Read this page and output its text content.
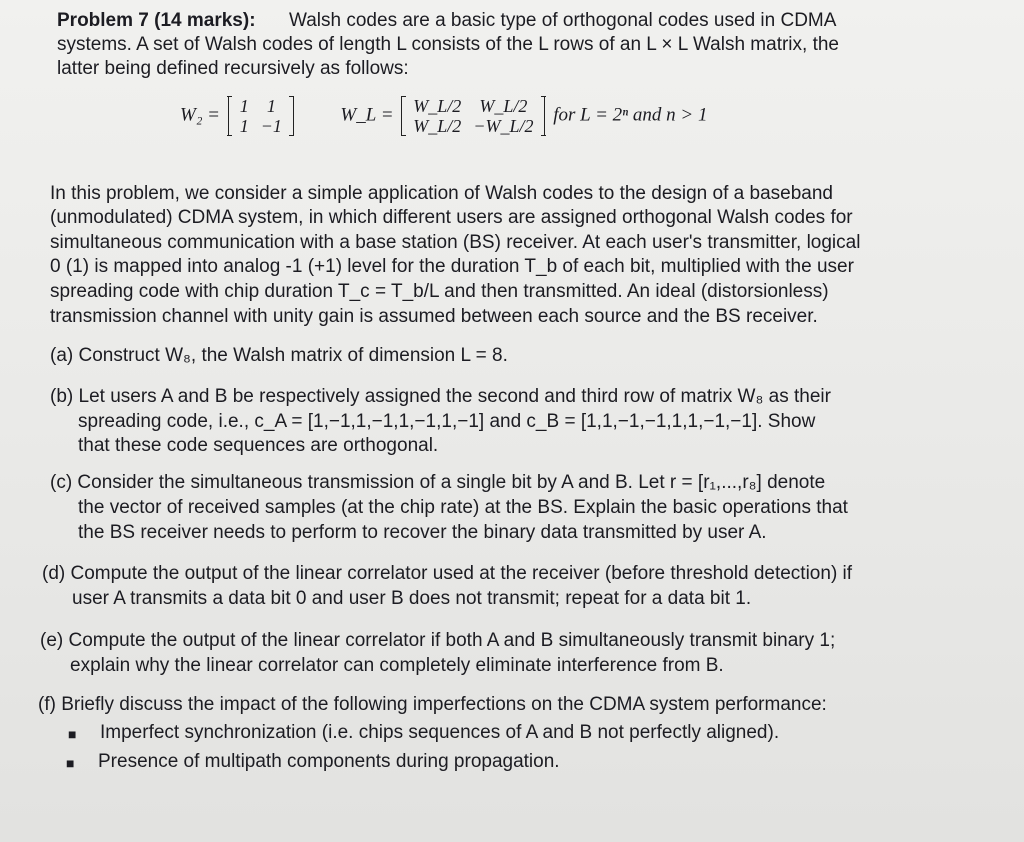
Problem 7 (14 marks): Walsh codes are a basic type of orthogonal codes used in CDMA
systems. A set of Walsh codes of length L consists of the L rows of an L × L Walsh matrix, the
latter being defined recursively as follows:
W₂ = 1	1
1	−1
W_L = W_L/2	W_L/2
W_L/2	−W_L/2
for L = 2ⁿ and n > 1
In this problem, we consider a simple application of Walsh codes to the design of a baseband
(unmodulated) CDMA system, in which different users are assigned orthogonal Walsh codes for
simultaneous communication with a base station (BS) receiver. At each user's transmitter, logical
0 (1) is mapped into analog -1 (+1) level for the duration T_b of each bit, multiplied with the user
spreading code with chip duration T_c = T_b/L and then transmitted. An ideal (distorsionless)
transmission channel with unity gain is assumed between each source and the BS receiver.
(a) Construct W₈, the Walsh matrix of dimension L = 8.
(b) Let users A and B be respectively assigned the second and third row of matrix W₈ as their
spreading code, i.e., c_A = [1,−1,1,−1,1,−1,1,−1] and c_B = [1,1,−1,−1,1,1,−1,−1]. Show
that these code sequences are orthogonal.
(c) Consider the simultaneous transmission of a single bit by A and B. Let r = [r₁,...,r₈] denote
the vector of received samples (at the chip rate) at the BS. Explain the basic operations that
the BS receiver needs to perform to recover the binary data transmitted by user A.
(d) Compute the output of the linear correlator used at the receiver (before threshold detection) if
user A transmits a data bit 0 and user B does not transmit; repeat for a data bit 1.
(e) Compute the output of the linear correlator if both A and B simultaneously transmit binary 1;
explain why the linear correlator can completely eliminate interference from B.
(f) Briefly discuss the impact of the following imperfections on the CDMA system performance:
■ Imperfect synchronization (i.e. chips sequences of A and B not perfectly aligned).
■ Presence of multipath components during propagation.
